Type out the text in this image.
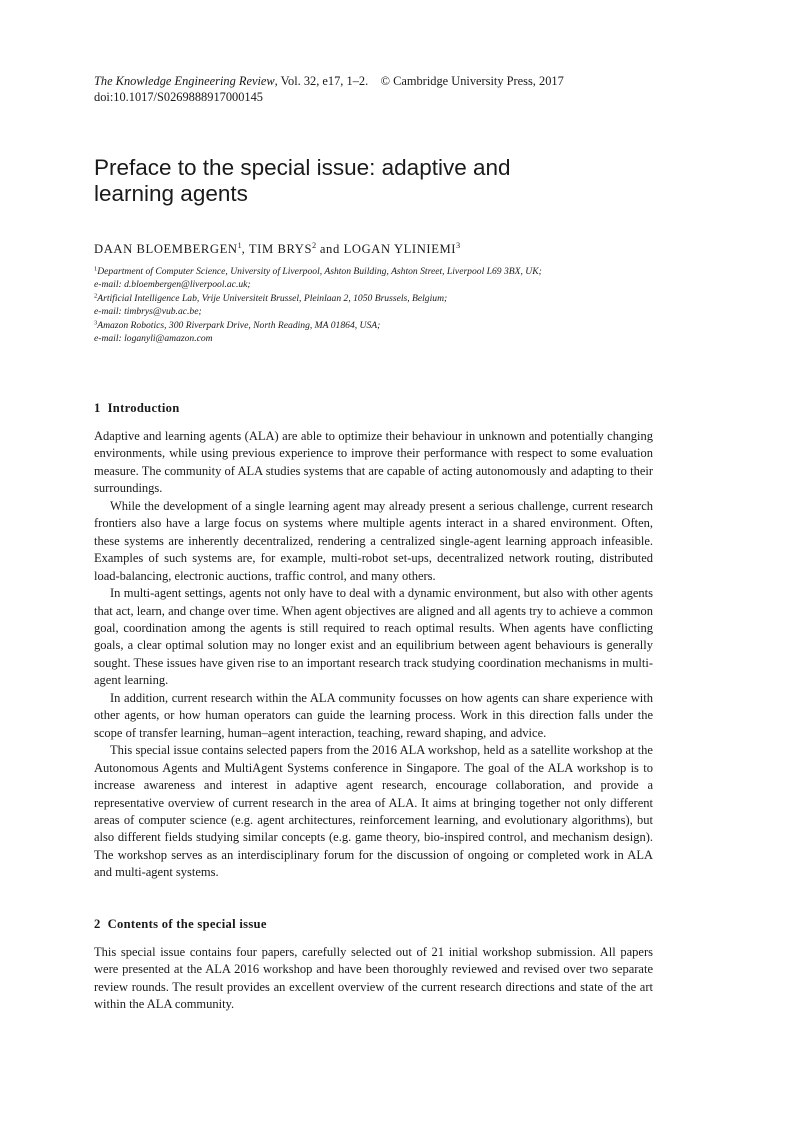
The Knowledge Engineering Review, Vol. 32, e17, 1–2. © Cambridge University Press, 2017

doi:10.1017/S0269888917000145

Preface to the special issue: adaptive and
learning agents

DAAN BLOEMBERGEN$^1$, TIM BRYS$^2$ and LOGAN YLINIEMI$^3$

$^1$Department of Computer Science, University of Liverpool, Ashton Building, Ashton Street, Liverpool L69 3BX, UK;

e-mail: d.bloembergen@liverpool.ac.uk;

$^2$Artificial Intelligence Lab, Vrije Universiteit Brussel, Pleinlaan 2, 1050 Brussels, Belgium;

e-mail: timbrys@vub.ac.be;

$^3$Amazon Robotics, 300 Riverpark Drive, North Reading, MA 01864, USA;

e-mail: loganyli@amazon.com

1 Introduction

Adaptive and learning agents (ALA) are able to optimize their behaviour in unknown and potentially changing environments, while using previous experience to improve their performance with respect to some evaluation measure. The community of ALA studies systems that are capable of acting autonomously and adapting to their surroundings.

While the development of a single learning agent may already present a serious challenge, current research frontiers also have a large focus on systems where multiple agents interact in a shared environment. Often, these systems are inherently decentralized, rendering a centralized single-agent learning approach infeasible. Examples of such systems are, for example, multi-robot set-ups, decentralized network routing, distributed load-balancing, electronic auctions, traffic control, and many others.

In multi-agent settings, agents not only have to deal with a dynamic environment, but also with other agents that act, learn, and change over time. When agent objectives are aligned and all agents try to achieve a common goal, coordination among the agents is still required to reach optimal results. When agents have conflicting goals, a clear optimal solution may no longer exist and an equilibrium between agent behaviours is generally sought. These issues have given rise to an important research track studying coordination mechanisms in multi-agent learning.

In addition, current research within the ALA community focusses on how agents can share experience with other agents, or how human operators can guide the learning process. Work in this direction falls under the scope of transfer learning, human–agent interaction, teaching, reward shaping, and advice.

This special issue contains selected papers from the 2016 ALA workshop, held as a satellite workshop at the Autonomous Agents and MultiAgent Systems conference in Singapore. The goal of the ALA workshop is to increase awareness and interest in adaptive agent research, encourage collaboration, and provide a representative overview of current research in the area of ALA. It aims at bringing together not only different areas of computer science (e.g. agent architectures, reinforcement learning, and evolutionary algorithms), but also different fields studying similar concepts (e.g. game theory, bio-inspired control, and mechanism design). The workshop serves as an interdisciplinary forum for the discussion of ongoing or completed work in ALA and multi-agent systems.

2 Contents of the special issue

This special issue contains four papers, carefully selected out of 21 initial workshop submission. All papers were presented at the ALA 2016 workshop and have been thoroughly reviewed and revised over two separate review rounds. The result provides an excellent overview of the current research directions and state of the art within the ALA community.
